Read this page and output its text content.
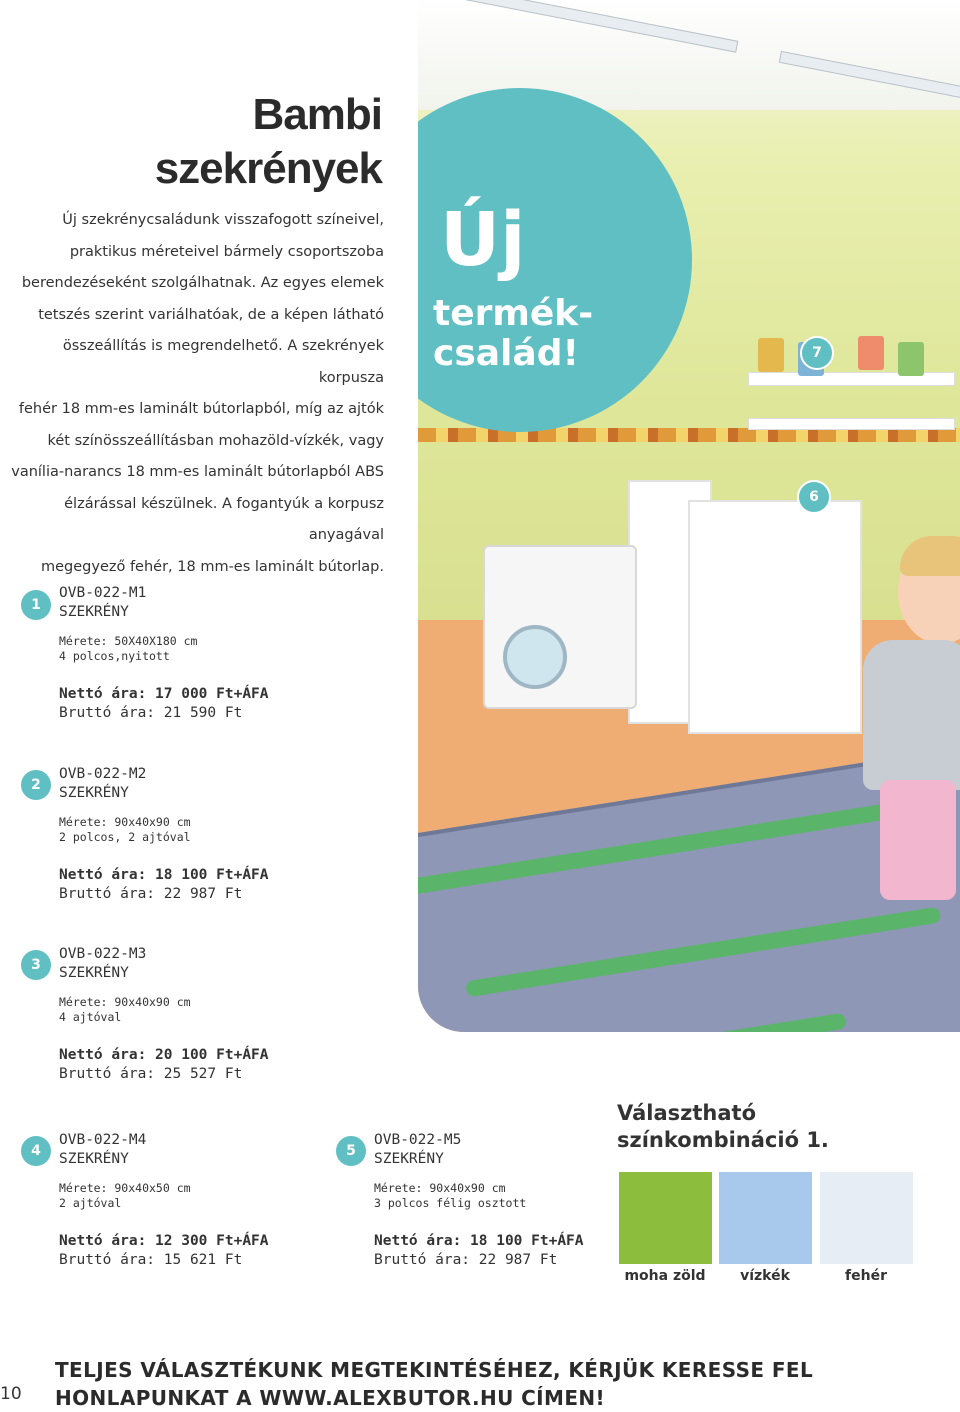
Bambi
szekrények
Új szekrénycsaládunk visszafogott színeivel,
praktikus méreteivel bármely csoportszoba
berendezéseként szolgálhatnak. Az egyes elemek
tetszés szerint variálhatóak, de a képen látható
összeállítás is megrendelhető. A szekrények korpusza
fehér 18 mm-es laminált bútorlapból, míg az ajtók
két színösszeállításban mohazöld-vízkék, vagy
vanília-narancs 18 mm-es laminált bútorlapból ABS
élzárással készülnek. A fogantyúk a korpusz anyagával
megegyező fehér, 18 mm-es laminált bútorlap.
Új
termék-
család!	7
6
1
OVB-022-M1
SZEKRÉNY
Mérete: 50X40X180 cm
4 polcos,nyitott
Nettó ára: 17 000 Ft+ÁFA
Bruttó ára: 21 590 Ft
2
OVB-022-M2
SZEKRÉNY
Mérete: 90x40x90 cm
2 polcos, 2 ajtóval
Nettó ára: 18 100 Ft+ÁFA
Bruttó ára: 22 987 Ft
3
OVB-022-M3
SZEKRÉNY
Mérete: 90x40x90 cm
4 ajtóval
Nettó ára: 20 100 Ft+ÁFA
Bruttó ára: 25 527 Ft
4
OVB-022-M4
SZEKRÉNY
Mérete: 90x40x50 cm
2 ajtóval
Nettó ára: 12 300 Ft+ÁFA
Bruttó ára: 15 621 Ft
5
OVB-022-M5
SZEKRÉNY
Mérete: 90x40x90 cm
3 polcos félig osztott
Nettó ára: 18 100 Ft+ÁFA
Bruttó ára: 22 987 Ft
Választható
színkombináció 1.
moha zöld	vízkék	fehér
TELJES VÁLASZTÉKUNK MEGTEKINTÉSÉHEZ, KÉRJÜK KERESSE FEL
HONLAPUNKAT A WWW.ALEXBUTOR.HU CÍMEN!
10
